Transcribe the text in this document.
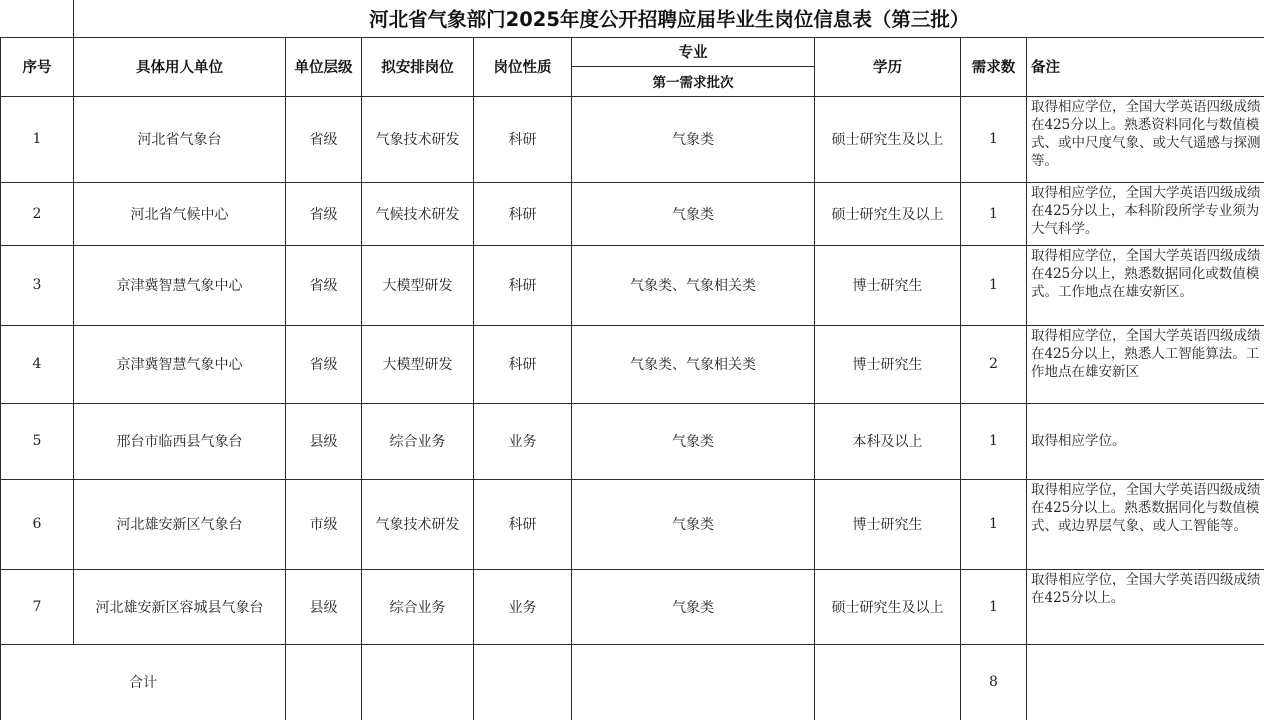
	河北省气象部门2025年度公开招聘应届毕业生岗位信息表（第三批）							
序号	具体用人单位	单位层级	拟安排岗位	岗位性质	专业	学历	需求数	备注
					第一需求批次			
1	河北省气象台	省级	气象技术研发	科研	气象类	硕士研究生及以上	1	取得相应学位，全国大学英语四级成绩在425分以上。熟悉资料同化与数值模式、或中尺度气象、或大气遥感与探测等。
2	河北省气候中心	省级	气候技术研发	科研	气象类	硕士研究生及以上	1	取得相应学位，全国大学英语四级成绩在425分以上，本科阶段所学专业须为大气科学。
3	京津冀智慧气象中心	省级	大模型研发	科研	气象类、气象相关类	博士研究生	1	取得相应学位，全国大学英语四级成绩在425分以上，熟悉数据同化或数值模式。工作地点在雄安新区。
4	京津冀智慧气象中心	省级	大模型研发	科研	气象类、气象相关类	博士研究生	2	取得相应学位，全国大学英语四级成绩在425分以上，熟悉人工智能算法。工作地点在雄安新区
5	邢台市临西县气象台	县级	综合业务	业务	气象类	本科及以上	1	取得相应学位。
6	河北雄安新区气象台	市级	气象技术研发	科研	气象类	博士研究生	1	取得相应学位，全国大学英语四级成绩在425分以上。熟悉数据同化与数值模式、或边界层气象、或人工智能等。
7	河北雄安新区容城县气象台	县级	综合业务	业务	气象类	硕士研究生及以上	1	取得相应学位，全国大学英语四级成绩在425分以上。
合计							8	
